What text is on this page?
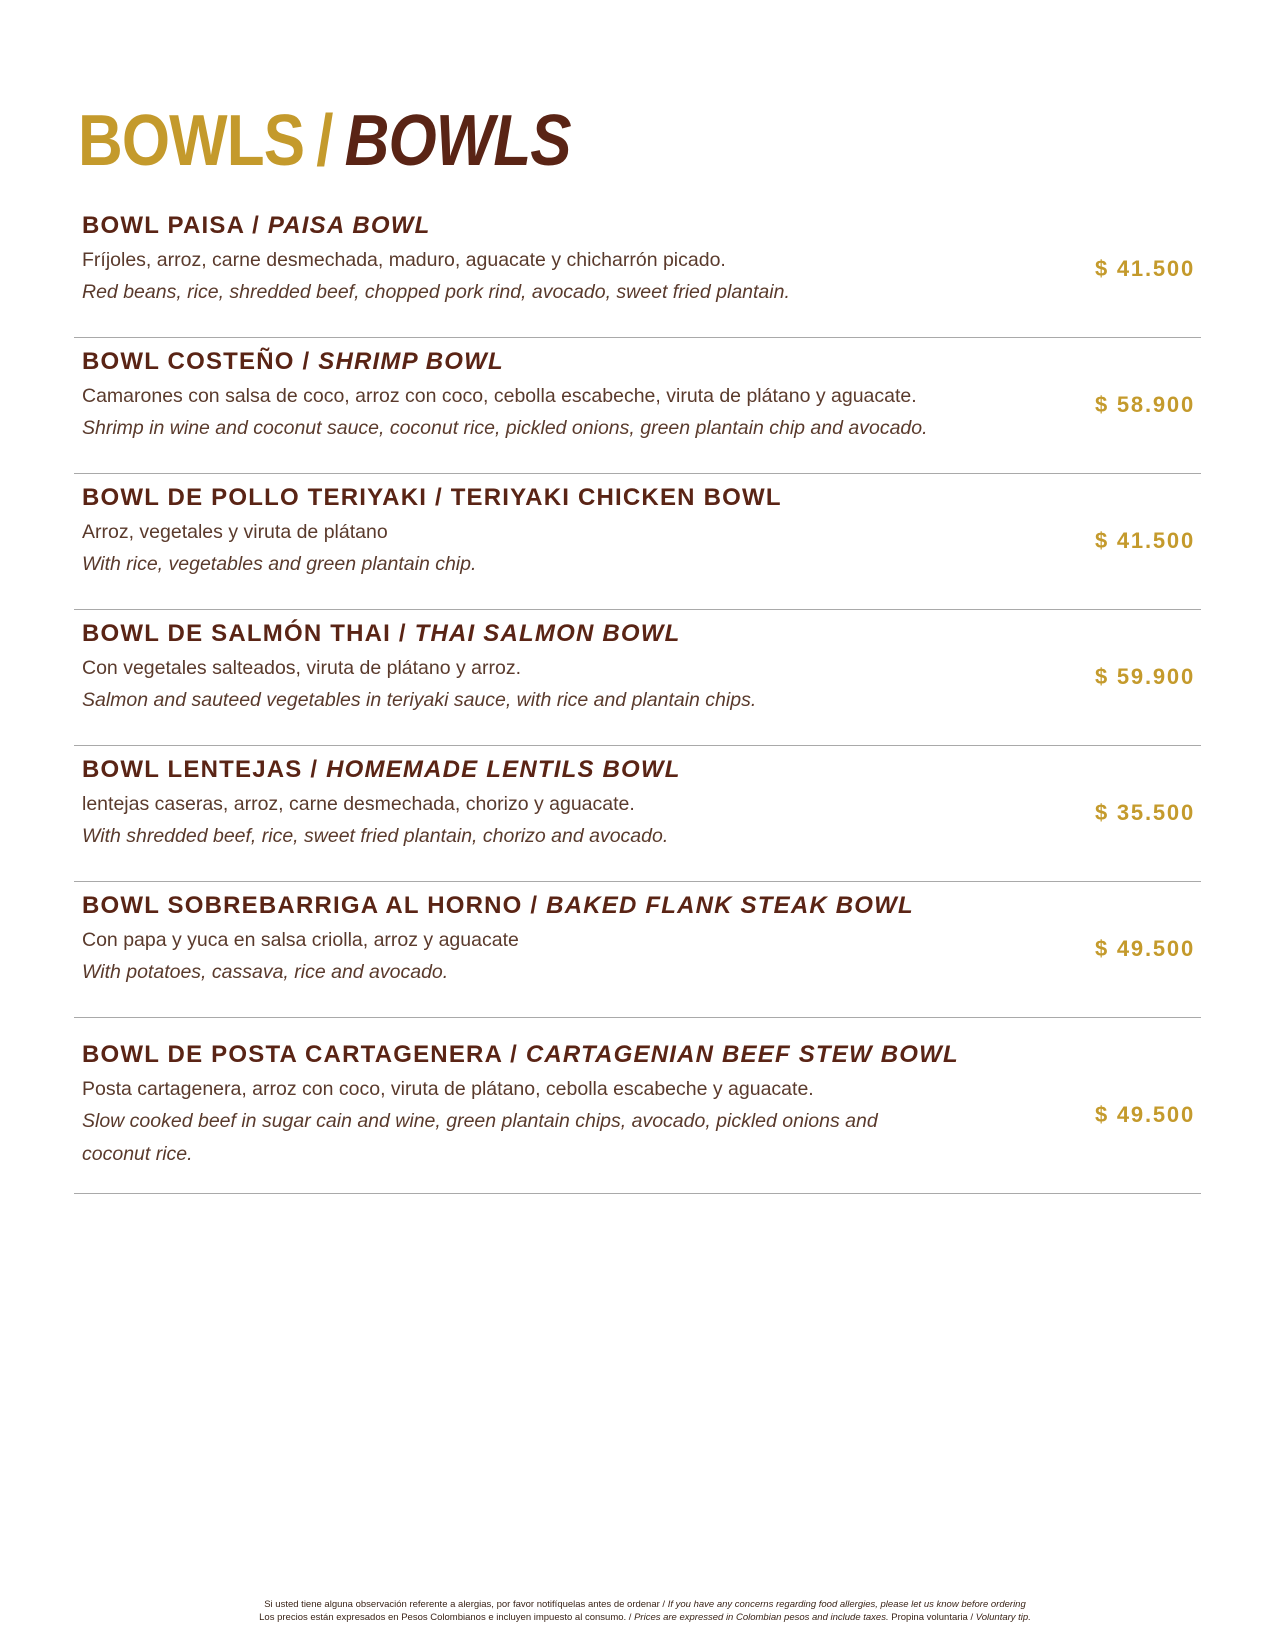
BOWLS / BOWLS
BOWL PAISA / PAISA BOWL
Fríjoles, arroz, carne desmechada, maduro, aguacate y chicharrón picado.
Red beans, rice, shredded beef, chopped pork rind, avocado, sweet fried plantain.
$ 41.500
BOWL COSTEÑO / SHRIMP BOWL
Camarones con salsa de coco, arroz con coco, cebolla escabeche, viruta de plátano y aguacate.
Shrimp in wine and coconut sauce, coconut rice, pickled onions, green plantain chip and avocado.
$ 58.900
BOWL DE POLLO TERIYAKI / TERIYAKI CHICKEN BOWL
Arroz, vegetales y viruta de plátano
With rice, vegetables and green plantain chip.
$ 41.500
BOWL DE SALMÓN THAI / THAI SALMON BOWL
Con vegetales salteados, viruta de plátano y arroz.
Salmon and sauteed vegetables in teriyaki sauce, with rice and plantain chips.
$ 59.900
BOWL LENTEJAS / HOMEMADE LENTILS BOWL
lentejas caseras, arroz, carne desmechada, chorizo y aguacate.
With shredded beef, rice, sweet fried plantain, chorizo and avocado.
$ 35.500
BOWL SOBREBARRIGA AL HORNO / BAKED FLANK STEAK BOWL
Con papa y yuca en salsa criolla, arroz y aguacate
With potatoes, cassava, rice and avocado.
$ 49.500
BOWL DE POSTA CARTAGENERA / CARTAGENIAN BEEF STEW BOWL
Posta cartagenera, arroz con coco, viruta de plátano, cebolla escabeche y aguacate.
Slow cooked beef in sugar cain and wine, green plantain chips, avocado, pickled onions and coconut rice.
$ 49.500
Si usted tiene alguna observación referente a alergias, por favor notifíquelas antes de ordenar / If you have any concerns regarding food allergies, please let us know before ordering
Los precios están expresados en Pesos Colombianos e incluyen impuesto al consumo. / Prices are expressed in Colombian pesos and include taxes. Propina voluntaria / Voluntary tip.
